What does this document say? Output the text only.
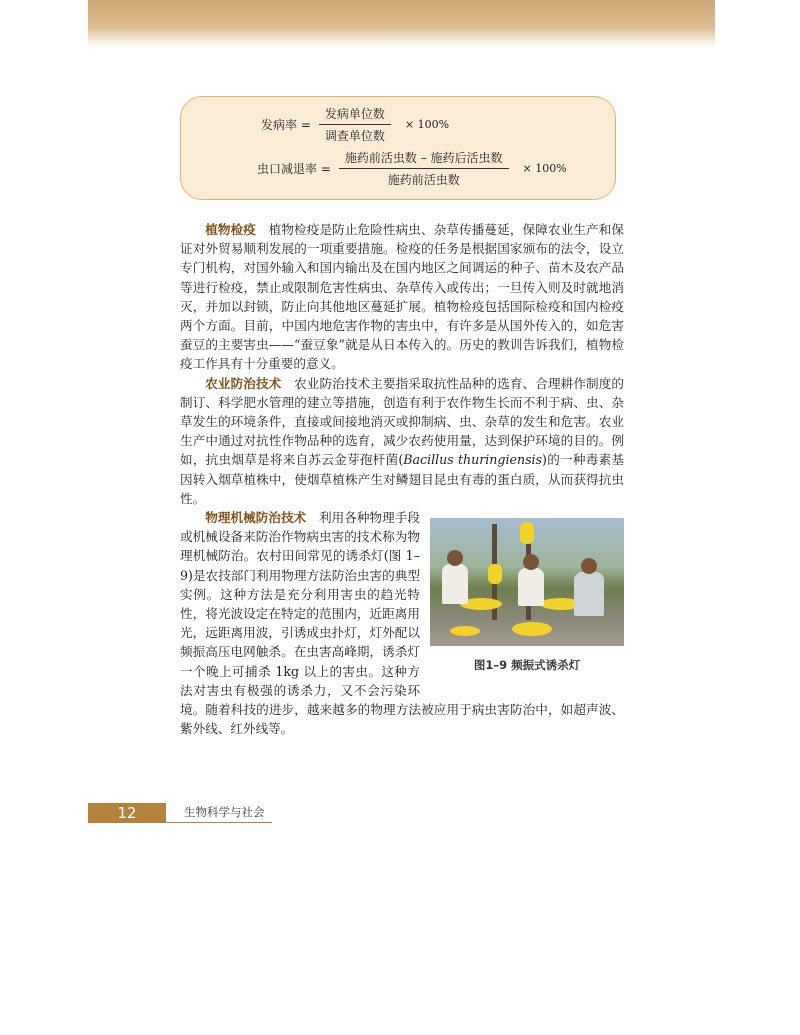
发病率 = $\frac{\text{发病单位数}}{\text{调查单位数}} \times 100\%$
虫口减退率 = $\frac{\text{施药前活虫数 – 施药后活虫数}}{\text{施药前活虫数}} \times 100\%$

植物检疫　 植物检疫是防止危险性病虫、杂草传播蔓延，保障农业生产和保证对外贸易顺利发展的一项重要措施。检疫的任务是根据国家颁布的法令，设立专门机构，对国外输入和国内输出及在国内地区之间调运的种子、苗木及农产品等进行检疫，禁止或限制危害性病虫、杂草传入或传出；一旦传入则及时就地消灭，并加以封锁，防止向其他地区蔓延扩展。植物检疫包括国际检疫和国内检疫两个方面。目前，中国内地危害作物的害虫中，有许多是从国外传入的，如危害蚕豆的主要害虫——“蚕豆象”就是从日本传入的。历史的教训告诉我们，植物检疫工作具有十分重要的意义。

农业防治技术　 农业防治技术主要指采取抗性品种的选育、合理耕作制度的制订、科学肥水管理的建立等措施，创造有利于农作物生长而不利于病、虫、杂草发生的环境条件，直接或间接地消灭或抑制病、虫、杂草的发生和危害。农业生产中通过对抗性作物品种的选育，减少农药使用量，达到保护环境的目的。例如，抗虫烟草是将来自苏云金芽孢杆菌(Bacillus thuringiensis)的一种毒素基因转入烟草植株中，使烟草植株产生对鳞翅目昆虫有毒的蛋白质，从而获得抗虫性。

图1–9 频振式诱杀灯
物理机械防治技术　 利用各种物理手段或机械设备来防治作物病虫害的技术称为物理机械防治。农村田间常见的诱杀灯(图 1–9)是农技部门利用物理方法防治虫害的典型实例。这种方法是充分利用害虫的趋光特性，将光波设定在特定的范围内，近距离用光，远距离用波，引诱成虫扑灯，灯外配以频振高压电网触杀。在虫害高峰期，诱杀灯一个晚上可捕杀 1kg 以上的害虫。这种方法对害虫有极强的诱杀力，又不会污染环境。随着科技的进步，越来越多的物理方法被应用于病虫害防治中，如超声波、紫外线、红外线等。

12	生物科学与社会
